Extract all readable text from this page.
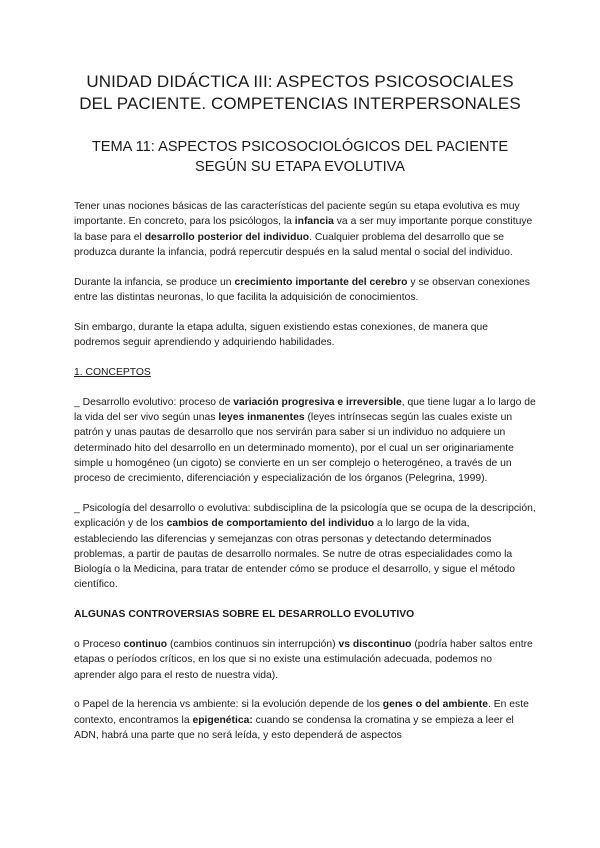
UNIDAD DIDÁCTICA III: ASPECTOS PSICOSOCIALES
DEL PACIENTE. COMPETENCIAS INTERPERSONALES
TEMA 11: ASPECTOS PSICOSOCIOLÓGICOS DEL PACIENTE
SEGÚN SU ETAPA EVOLUTIVA

Tener unas nociones básicas de las características del paciente según su etapa evolutiva es muy importante. En concreto, para los psicólogos, la infancia va a ser muy importante porque constituye la base para el desarrollo posterior del individuo. Cualquier problema del desarrollo que se produzca durante la infancia, podrá repercutir después en la salud mental o social del individuo.

Durante la infancia, se produce un crecimiento importante del cerebro y se observan conexiones entre las distintas neuronas, lo que facilita la adquisición de conocimientos.

Sin embargo, durante la etapa adulta, siguen existiendo estas conexiones, de manera que podremos seguir aprendiendo y adquiriendo habilidades.

1. CONCEPTOS

_ Desarrollo evolutivo: proceso de variación progresiva e irreversible, que tiene lugar a lo largo de la vida del ser vivo según unas leyes inmanentes (leyes intrínsecas según las cuales existe un patrón y unas pautas de desarrollo que nos servirán para saber si un individuo no adquiere un determinado hito del desarrollo en un determinado momento), por el cual un ser originariamente simple u homogéneo (un cigoto) se convierte en un ser complejo o heterogéneo, a través de un proceso de crecimiento, diferenciación y especialización de los órganos (Pelegrina, 1999).

_ Psicología del desarrollo o evolutiva: subdisciplina de la psicología que se ocupa de la descripción, explicación y de los cambios de comportamiento del individuo a lo largo de la vida, estableciendo las diferencias y semejanzas con otras personas y detectando determinados problemas, a partir de pautas de desarrollo normales. Se nutre de otras especialidades como la Biología o la Medicina, para tratar de entender cómo se produce el desarrollo, y sigue el método científico.

ALGUNAS CONTROVERSIAS SOBRE EL DESARROLLO EVOLUTIVO

o Proceso continuo (cambios continuos sin interrupción) vs discontinuo (podría haber saltos entre etapas o períodos críticos, en los que si no existe una estimulación adecuada, podemos no aprender algo para el resto de nuestra vida).

o Papel de la herencia vs ambiente: si la evolución depende de los genes o del ambiente. En este contexto, encontramos la epigenética: cuando se condensa la cromatina y se empieza a leer el ADN, habrá una parte que no será leída, y esto dependerá de aspectos
